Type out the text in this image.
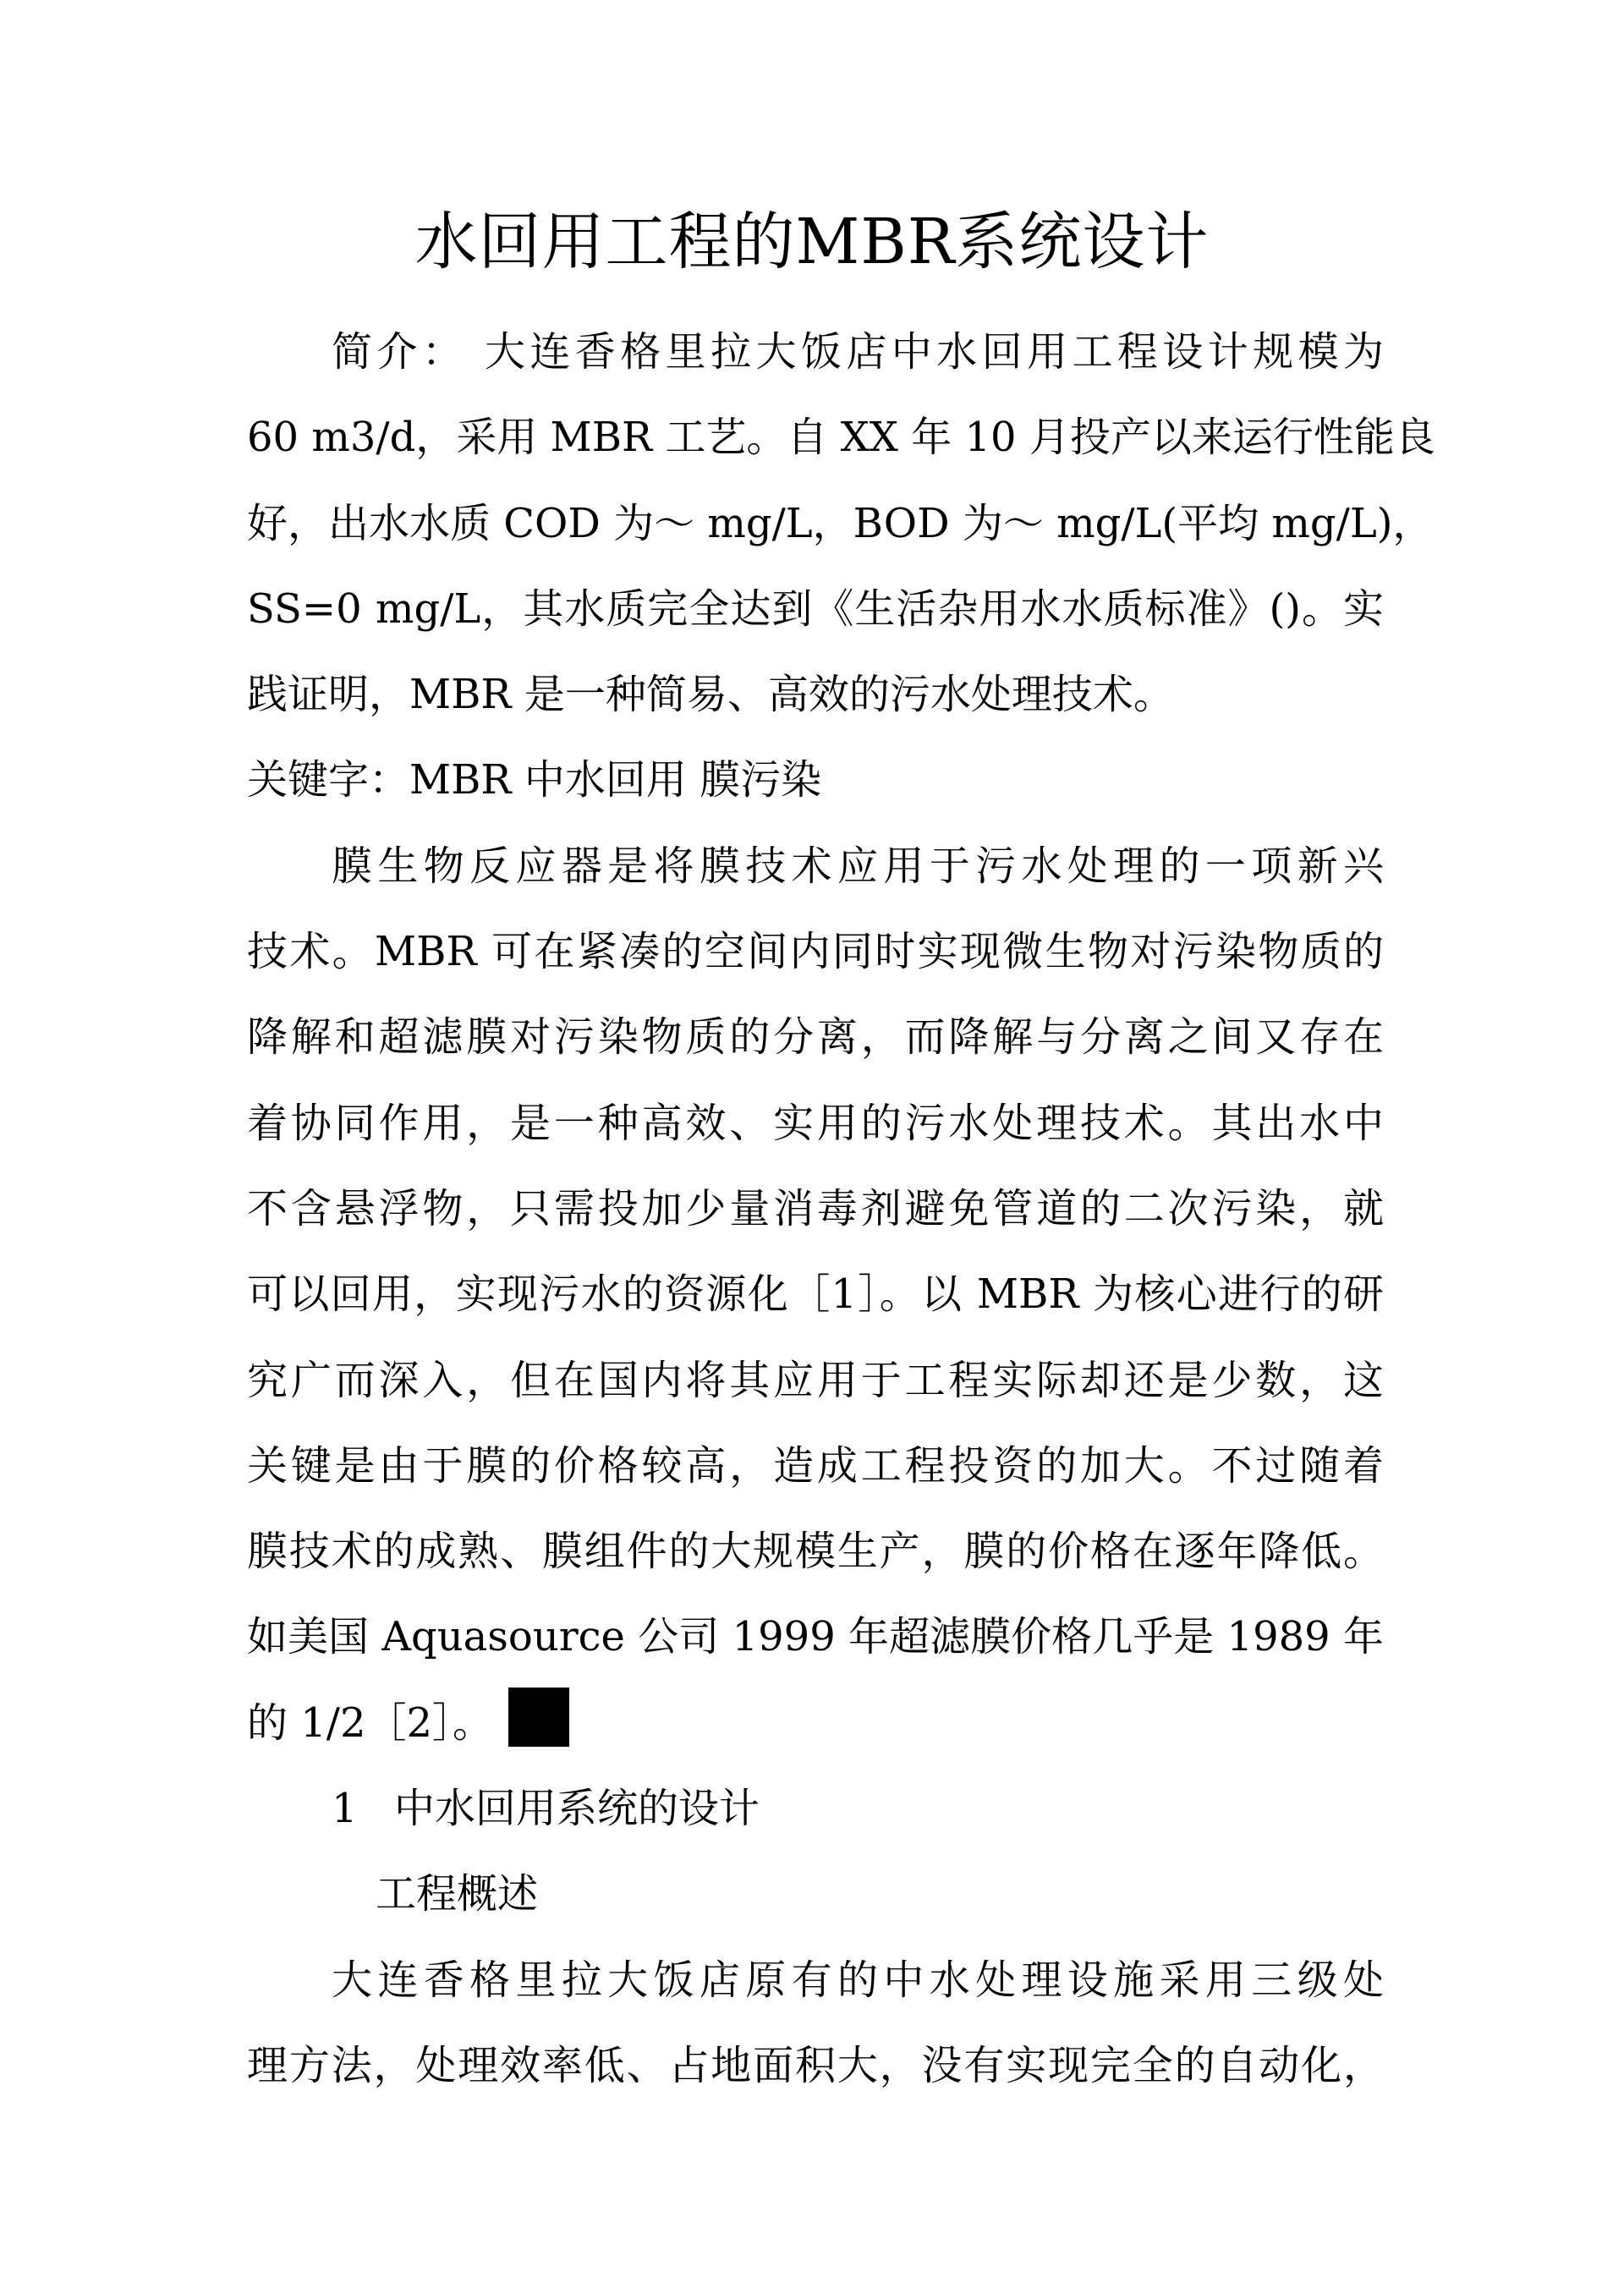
水回用工程的MBR系统设计
简介： 大连香格里拉大饭店中水回用工程设计规模为
60 m3/d，采用 MBR 工艺。自 XX 年 10 月投产以来运行性能良
好，出水水质 COD 为～ mg/L，BOD 为～ mg/L(平均 mg/L)，
SS=0 mg/L，其水质完全达到《生活杂用水水质标准》()。实
践证明，MBR 是一种简易、高效的污水处理技术。
关键字：MBR 中水回用 膜污染
膜生物反应器是将膜技术应用于污水处理的一项新兴
技术。MBR 可在紧凑的空间内同时实现微生物对污染物质的
降解和超滤膜对污染物质的分离，而降解与分离之间又存在
着协同作用，是一种高效、实用的污水处理技术。其出水中
不含悬浮物，只需投加少量消毒剂避免管道的二次污染，就
可以回用，实现污水的资源化［1］。以 MBR 为核心进行的研
究广而深入，但在国内将其应用于工程实际却还是少数，这
关键是由于膜的价格较高，造成工程投资的加大。不过随着
膜技术的成熟、膜组件的大规模生产，膜的价格在逐年降低。
如美国 Aquasource 公司 1999 年超滤膜价格几乎是 1989 年
的 1/2［2］。
1 中水回用系统的设计
工程概述
大连香格里拉大饭店原有的中水处理设施采用三级处
理方法，处理效率低、占地面积大，没有实现完全的自动化，
